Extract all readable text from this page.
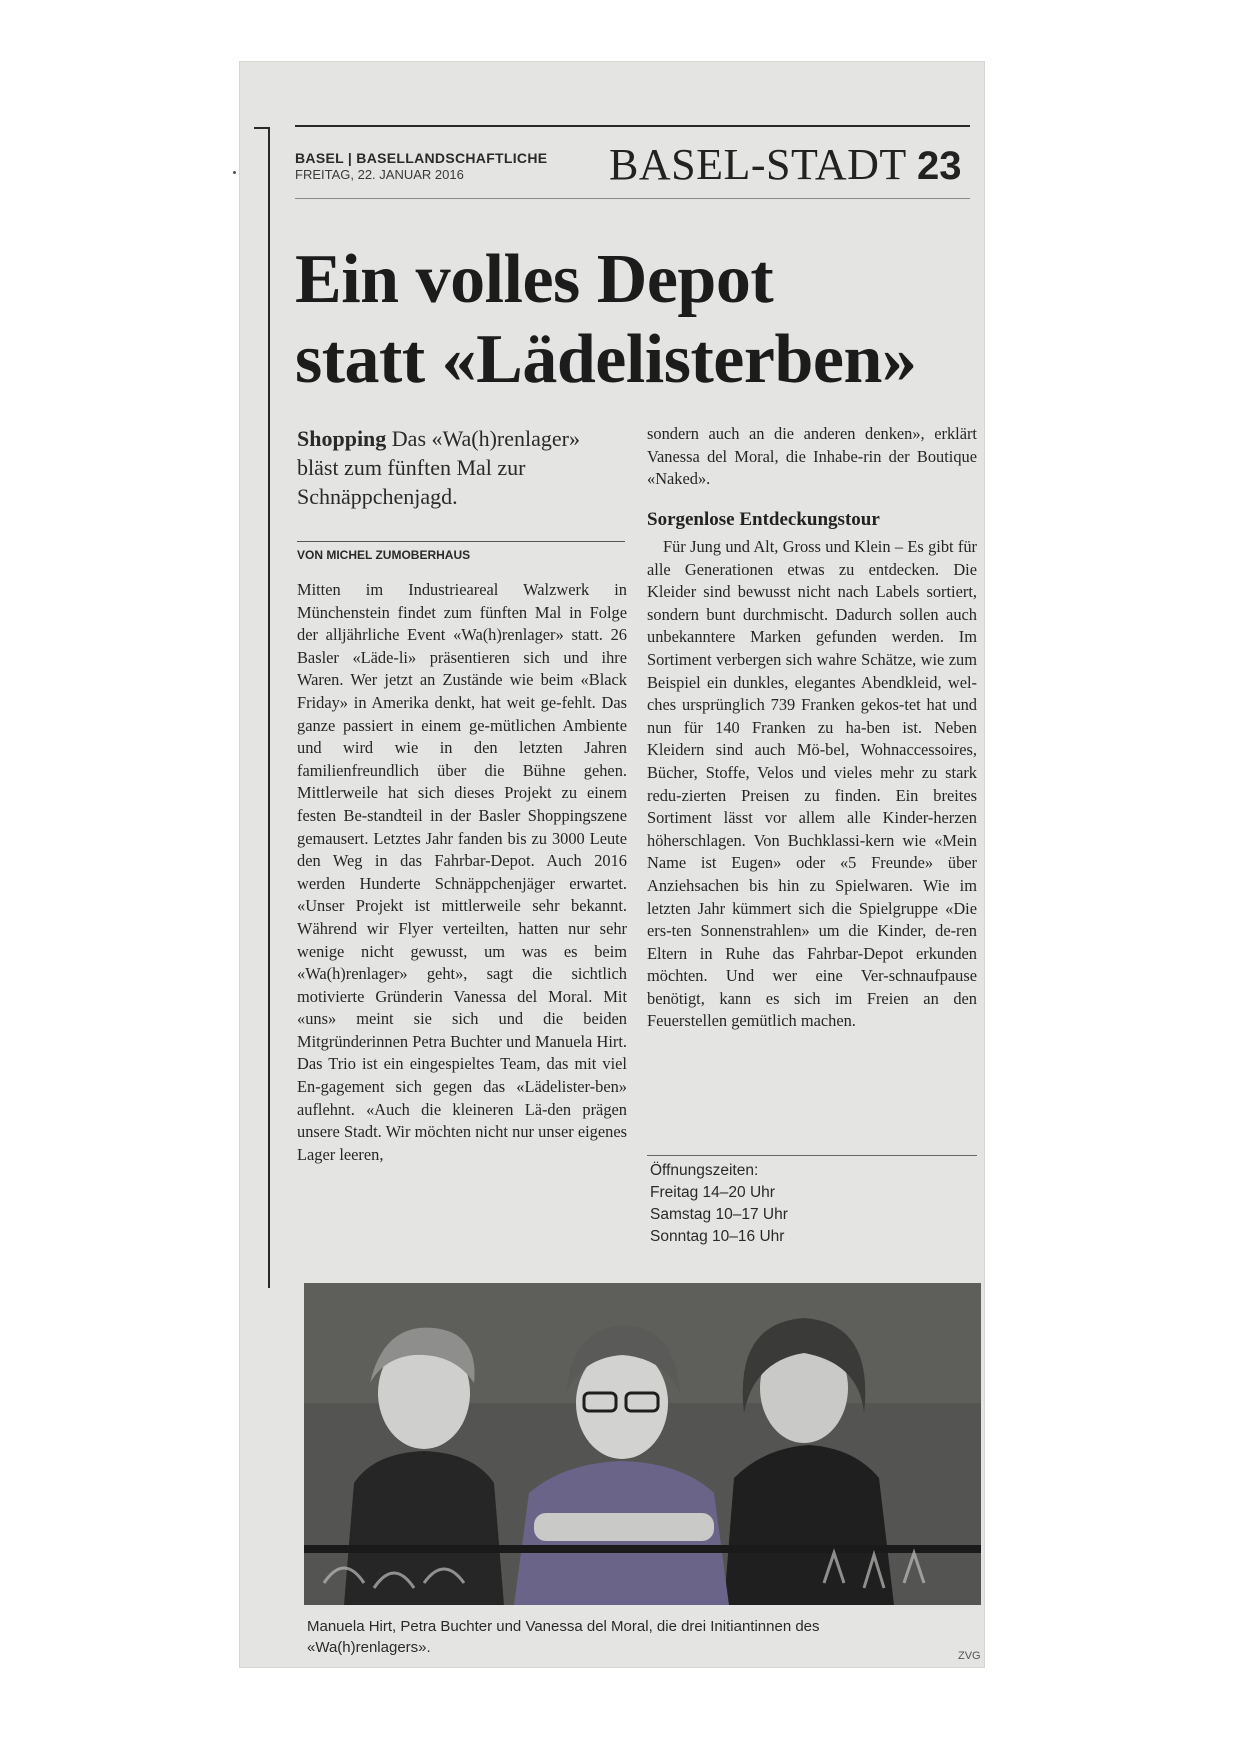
BASEL | BASELLANDSCHAFTLICHE
FREITAG, 22. JANUAR 2016	BASEL-STADT 23
Ein volles Depot
statt «Lädelisterben»
Shopping Das «Wa(h)renlager» bläst zum fünften Mal zur Schnäppchenjagd.
VON MICHEL ZUMOBERHAUS
Mitten im Industrieareal Walzwerk in Münchenstein findet zum fünften Mal in Folge der alljährliche Event «Wa(h)renlager» statt. 26 Basler «Läde-li» präsentieren sich und ihre Waren. Wer jetzt an Zustände wie beim «Black Friday» in Amerika denkt, hat weit ge-fehlt. Das ganze passiert in einem ge-mütlichen Ambiente und wird wie in den letzten Jahren familienfreundlich über die Bühne gehen. Mittlerweile hat sich dieses Projekt zu einem festen Be-standteil in der Basler Shoppingszene gemausert. Letztes Jahr fanden bis zu 3000 Leute den Weg in das Fahrbar-Depot. Auch 2016 werden Hunderte Schnäppchenjäger erwartet. «Unser Projekt ist mittlerweile sehr bekannt. Während wir Flyer verteilten, hatten nur sehr wenige nicht gewusst, um was es beim «Wa(h)renlager» geht», sagt die sichtlich motivierte Gründerin Vanessa del Moral. Mit «uns» meint sie sich und die beiden Mitgründerinnen Petra Buchter und Manuela Hirt. Das Trio ist ein eingespieltes Team, das mit viel En-gagement sich gegen das «Lädelister-ben» auflehnt. «Auch die kleineren Lä-den prägen unsere Stadt. Wir möchten nicht nur unser eigenes Lager leeren,
sondern auch an die anderen denken», erklärt Vanessa del Moral, die Inhabe-rin der Boutique «Naked».
Sorgenlose Entdeckungstour
Für Jung und Alt, Gross und Klein – Es gibt für alle Generationen etwas zu entdecken. Die Kleider sind bewusst nicht nach Labels sortiert, sondern bunt durchmischt. Dadurch sollen auch unbekanntere Marken gefunden werden. Im Sortiment verbergen sich wahre Schätze, wie zum Beispiel ein dunkles, elegantes Abendkleid, wel-ches ursprünglich 739 Franken gekos-tet hat und nun für 140 Franken zu ha-ben ist. Neben Kleidern sind auch Mö-bel, Wohnaccessoires, Bücher, Stoffe, Velos und vieles mehr zu stark redu-zierten Preisen zu finden. Ein breites Sortiment lässt vor allem alle Kinder-herzen höherschlagen. Von Buchklassi-kern wie «Mein Name ist Eugen» oder «5 Freunde» über Anziehsachen bis hin zu Spielwaren. Wie im letzten Jahr kümmert sich die Spielgruppe «Die ers-ten Sonnenstrahlen» um die Kinder, de-ren Eltern in Ruhe das Fahrbar-Depot erkunden möchten. Und wer eine Ver-schnaufpause benötigt, kann es sich im Freien an den Feuerstellen gemütlich machen.
Öffnungszeiten:
Freitag 14–20 Uhr
Samstag 10–17 Uhr
Sonntag 10–16 Uhr
Manuela Hirt, Petra Buchter und Vanessa del Moral, die drei Initiantinnen des «Wa(h)renlagers».	ZVG
